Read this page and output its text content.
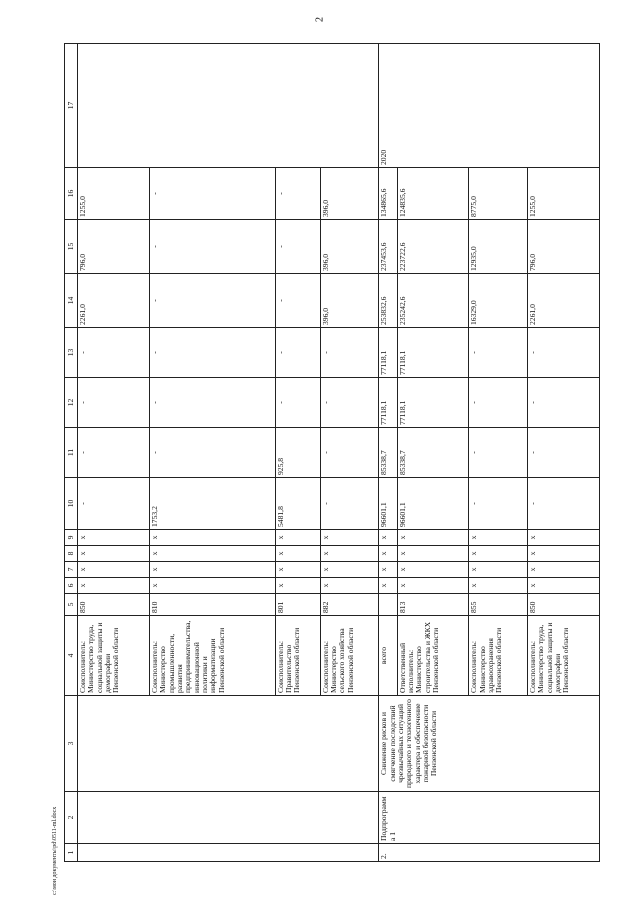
2
1	2	3	4	5	6	7	8	9	10	11	12	13	14	15	16	17
			Соисполнитель: Министерство труда, социальной защиты и демографии Пензенской области	850	x	x	x	x	-	-	-	-	2261,0	796,0	1255,0	
			Соисполнитель: Министерство промышленности, развития предпринимательства, инновационной политики и информатизации Пензенской области	810	x	x	x	x	1753,2	-	-	-	-	-	-	
			Соисполнитель: Правительство Пензенской области	801	x	x	x	x	5481,8	925,8	-	-	-	-	-	
			Соисполнитель: Министерство сельского хозяйства Пензенской области	882	x	x	x	x	-	-	-	-	396,0	396,0	396,0	
2.	Подпрограмма 1	Снижение рисков и смягчение последствий чрезвычайных ситуаций природного и техногенного характера и обеспечение пожарной безопасности Пензенской области	всего		x	x	x	x	96601,1	85338,7	77118,1	77118,1	253832,6	237453,6	134865,6	2020
			Ответственный исполнитель: Министерство строительства и ЖКХ Пензенской области	813	x	x	x	x	96601,1	85338,7	77118,1	77118,1	235242,6	223722,6	124835,6	
			Соисполнитель: Министерство здравоохранения Пензенской области	855	x	x	x	x	-	-	-	-	16329,0	12935,0	8775,0	
			Соисполнитель: Министерство труда, социальной защиты и демографии Пензенской области	850	x	x	x	x	-	-	-	-	2261,0	796,0	1255,0	
c:\мои документы\pd\0511-ml.docx
